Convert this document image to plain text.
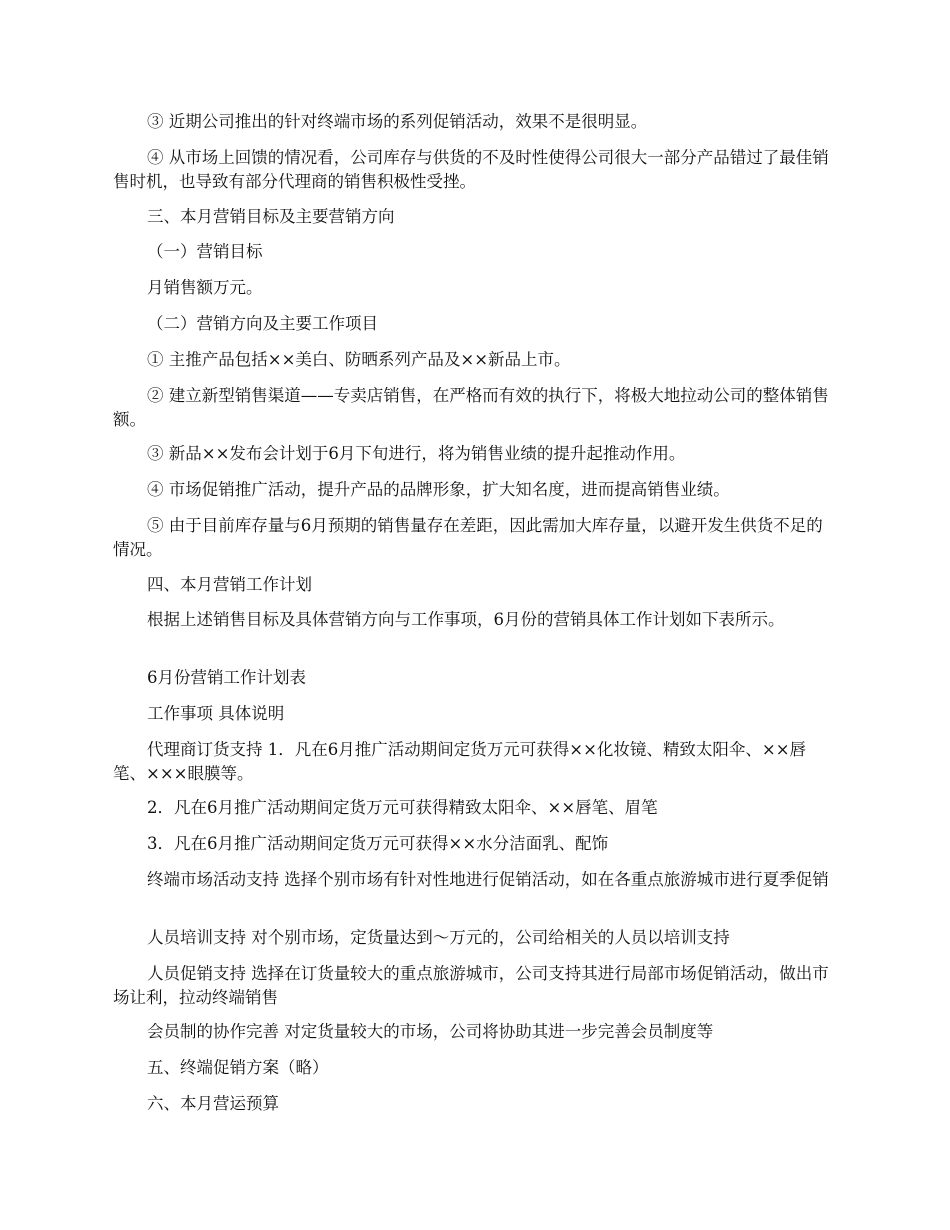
③ 近期公司推出的针对终端市场的系列促销活动，效果不是很明显。

④ 从市场上回馈的情况看，公司库存与供货的不及时性使得公司很大一部分产品错过了最佳销售时机，也导致有部分代理商的销售积极性受挫。

三、本月营销目标及主要营销方向

（一）营销目标

月销售额万元。

（二）营销方向及主要工作项目

① 主推产品包括××美白、防晒系列产品及××新品上市。

② 建立新型销售渠道——专卖店销售，在严格而有效的执行下，将极大地拉动公司的整体销售额。

③ 新品××发布会计划于6月下旬进行，将为销售业绩的提升起推动作用。

④ 市场促销推广活动，提升产品的品牌形象，扩大知名度，进而提高销售业绩。

⑤ 由于目前库存量与6月预期的销售量存在差距，因此需加大库存量，以避开发生供货不足的情况。

四、本月营销工作计划

根据上述销售目标及具体营销方向与工作事项，6月份的营销具体工作计划如下表所示。

6月份营销工作计划表

工作事项 具体说明

代理商订货支持 1．凡在6月推广活动期间定货万元可获得××化妆镜、精致太阳伞、××唇笔、×××眼膜等。

2．凡在6月推广活动期间定货万元可获得精致太阳伞、××唇笔、眉笔

3．凡在6月推广活动期间定货万元可获得××水分洁面乳、配饰

终端市场活动支持 选择个别市场有针对性地进行促销活动，如在各重点旅游城市进行夏季促销

人员培训支持 对个别市场，定货量达到～万元的，公司给相关的人员以培训支持

人员促销支持 选择在订货量较大的重点旅游城市，公司支持其进行局部市场促销活动，做出市场让利，拉动终端销售

会员制的协作完善 对定货量较大的市场，公司将协助其进一步完善会员制度等

五、终端促销方案（略）

六、本月营运预算
